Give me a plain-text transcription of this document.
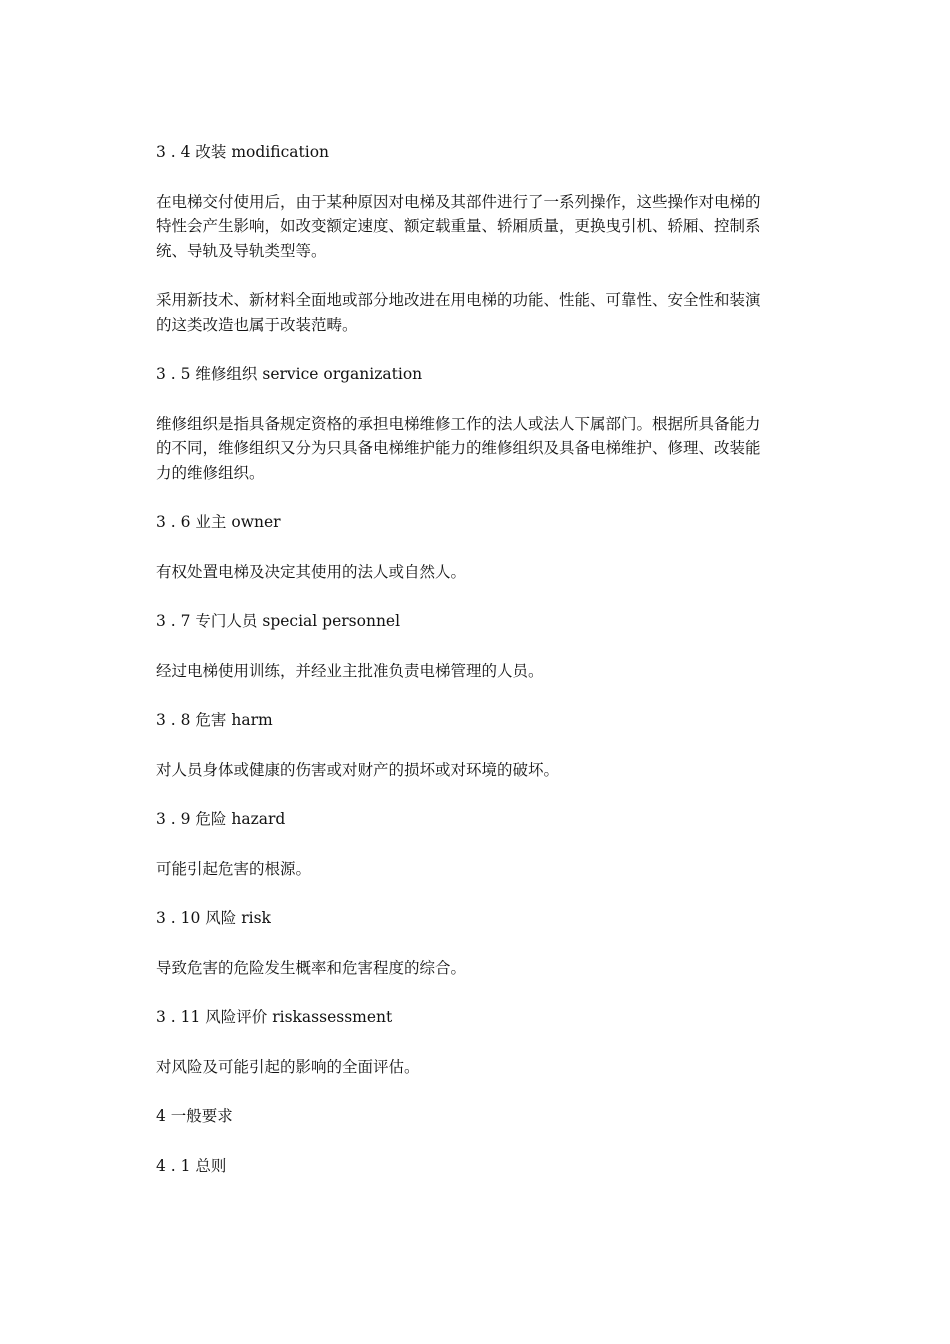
3 . 4 改装 modification
在电梯交付使用后，由于某种原因对电梯及其部件进行了一系列操作，这些操作对电梯的
特性会产生影响，如改变额定速度、额定载重量、轿厢质量，更换曳引机、轿厢、控制系
统、导轨及导轨类型等。
采用新技术、新材料全面地或部分地改进在用电梯的功能、性能、可靠性、安全性和装演
的这类改造也属于改装范畴。
3 . 5 维修组织 service organization
维修组织是指具备规定资格的承担电梯维修工作的法人或法人下属部门。根据所具备能力
的不同，维修组织又分为只具备电梯维护能力的维修组织及具备电梯维护、修理、改装能
力的维修组织。
3 . 6 业主 owner
有权处置电梯及决定其使用的法人或自然人。
3 . 7 专门人员 special personnel
经过电梯使用训练，并经业主批准负责电梯管理的人员。
3 . 8 危害 harm
对人员身体或健康的伤害或对财产的损坏或对环境的破坏。
3 . 9 危险 hazard
可能引起危害的根源。
3 . 10 风险 risk
导致危害的危险发生概率和危害程度的综合。
3 . 11 风险评价 riskassessment
对风险及可能引起的影响的全面评估。
4 一般要求
4 . 1 总则
